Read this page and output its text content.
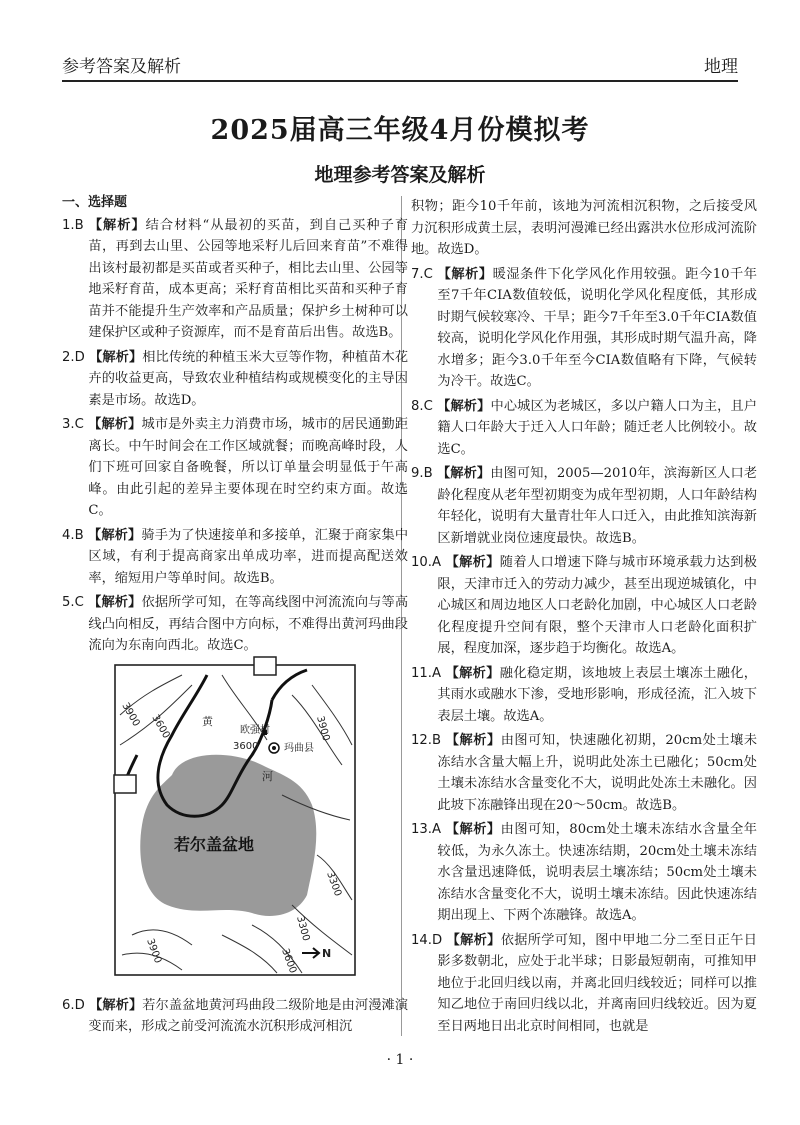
参考答案及解析	地理
2025届高三年级4月份模拟考
地理参考答案及解析
一、选择题
1.B 【解析】结合材料“从最初的买苗，到自己买种子育苗，再到去山里、公园等地采籽儿后回来育苗”不难得出该村最初都是买苗或者买种子，相比去山里、公园等地采籽育苗，成本更高；采籽育苗相比买苗和买种子育苗并不能提升生产效率和产品质量；保护乡土树种可以建保护区或种子资源库，而不是育苗后出售。故选B。
2.D 【解析】相比传统的种植玉米大豆等作物，种植苗木花卉的收益更高，导致农业种植结构或规模变化的主导因素是市场。故选D。
3.C 【解析】城市是外卖主力消费市场，城市的居民通勤距离长。中午时间会在工作区域就餐；而晚高峰时段，人们下班可回家自备晚餐，所以订单量会明显低于午高峰。由此引起的差异主要体现在时空约束方面。故选C。
4.B 【解析】骑手为了快速接单和多接单，汇聚于商家集中区域，有利于提高商家出单成功率，进而提高配送效率，缩短用户等单时间。故选B。
5.C 【解析】依据所学可知，在等高线图中河流流向与等高线凸向相反，再结合图中方向标，不难得出黄河玛曲段流向为东南向西北。故选C。
6.D 【解析】若尔盖盆地黄河玛曲段二级阶地是由河漫滩演变而来，形成之前受河流流水沉积形成河相沉
积物；距今10千年前，该地为河流相沉积物，之后接受风力沉积形成黄土层，表明河漫滩已经出露洪水位形成河流阶地。故选D。
7.C 【解析】暖湿条件下化学风化作用较强。距今10千年至7千年CIA数值较低，说明化学风化程度低，其形成时期气候较寒冷、干旱；距今7千年至3.0千年CIA数值较高，说明化学风化作用强，其形成时期气温升高，降水增多；距今3.0千年至今CIA数值略有下降，气候转为冷干。故选C。
8.C 【解析】中心城区为老城区，多以户籍人口为主，且户籍人口年龄大于迁入人口年龄；随迁老人比例较小。故选C。
9.B 【解析】由图可知，2005—2010年，滨海新区人口老龄化程度从老年型初期变为成年型初期，人口年龄结构年轻化，说明有大量青壮年人口迁入，由此推知滨海新区新增就业岗位速度最快。故选B。
10.A 【解析】随着人口增速下降与城市环境承载力达到极限，天津市迁入的劳动力减少，甚至出现逆城镇化，中心城区和周边地区人口老龄化加剧，中心城区人口老龄化程度提升空间有限，整个天津市人口老龄化面积扩展，程度加深，逐步趋于均衡化。故选A。
11.A 【解析】融化稳定期，该地坡上表层土壤冻土融化，其雨水或融水下渗，受地形影响，形成径流，汇入坡下表层土壤。故选A。
12.B 【解析】由图可知，快速融化初期，20cm处土壤未冻结水含量大幅上升，说明此处冻土已融化；50cm处土壤未冻结水含量变化不大，说明此处冻土未融化。因此坡下冻融锋出现在20～50cm。故选B。
13.A 【解析】由图可知，80cm处土壤未冻结水含量全年较低，为永久冻土。快速冻结期，20cm处土壤未冻结水含量迅速降低，说明表层土壤冻结；50cm处土壤未冻结水含量变化不大，说明土壤未冻结。因此快速冻结期出现上、下两个冻融锋。故选A。
14.D 【解析】依据所学可知，图中甲地二分二至日正午日影多数朝北，应处于北半球；日影最短朝南，可推知甲地位于北回归线以南，并离北回归线较近；同样可以推知乙地位于南回归线以北，并离南回归线较近。因为夏至日两地日出北京时间相同，也就是
3900 3600	3900
3600
3300
3300
3900	3600
黄
河
欧强村
玛曲县
若尔盖盆地
N
· 1 ·
